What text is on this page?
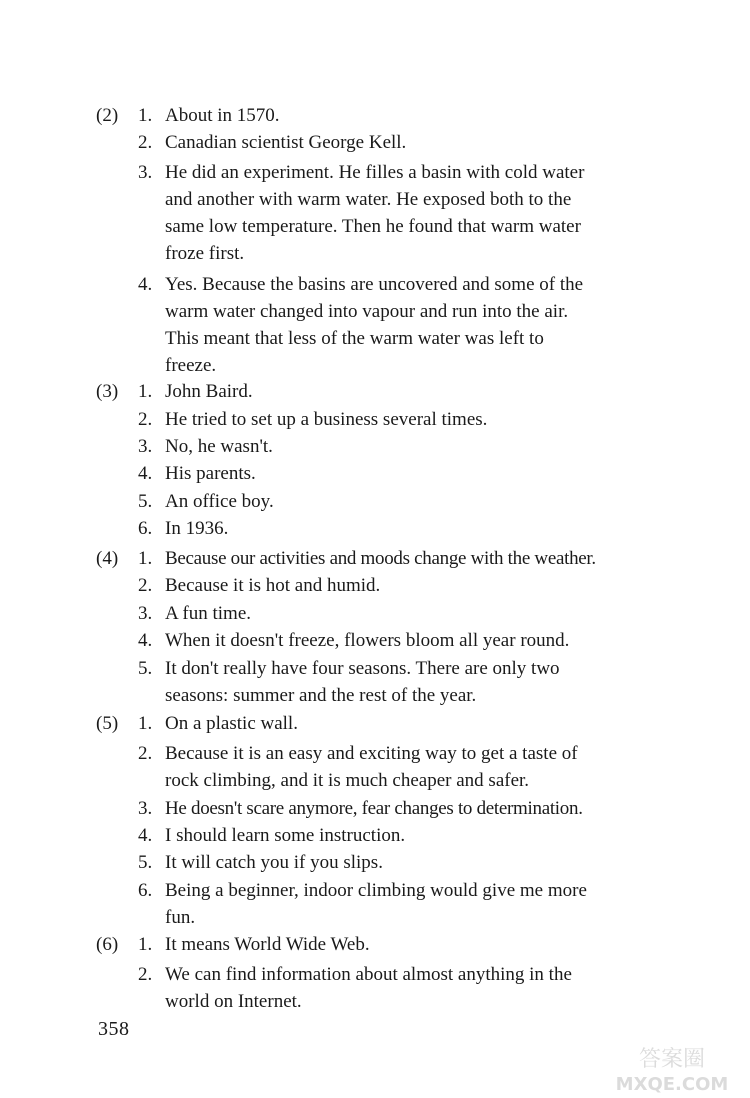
(2)	1. About in 1570.
2. Canadian scientist George Kell.
3. He did an experiment. He filles a basin with cold water
and another with warm water. He exposed both to the
same low temperature. Then he found that warm water
froze first.
4. Yes. Because the basins are uncovered and some of the
warm water changed into vapour and run into the air.
This meant that less of the warm water was left to
freeze.
(3)	1. John Baird.
2. He tried to set up a business several times.
3. No, he wasn't.
4. His parents.
5. An office boy.
6. In 1936.
(4)	1. Because our activities and moods change with the weather.
2. Because it is hot and humid.
3. A fun time.
4. When it doesn't freeze, flowers bloom all year round.
5. It don't really have four seasons. There are only two
seasons: summer and the rest of the year.
(5)	1. On a plastic wall.
2. Because it is an easy and exciting way to get a taste of
rock climbing, and it is much cheaper and safer.
3. He doesn't scare anymore, fear changes to determination.
4. I should learn some instruction.
5. It will catch you if you slips.
6. Being a beginner, indoor climbing would give me more
fun.
(6)	1. It means World Wide Web.
2. We can find information about almost anything in the
world on Internet.
358
答案圈
MXQE.COM
